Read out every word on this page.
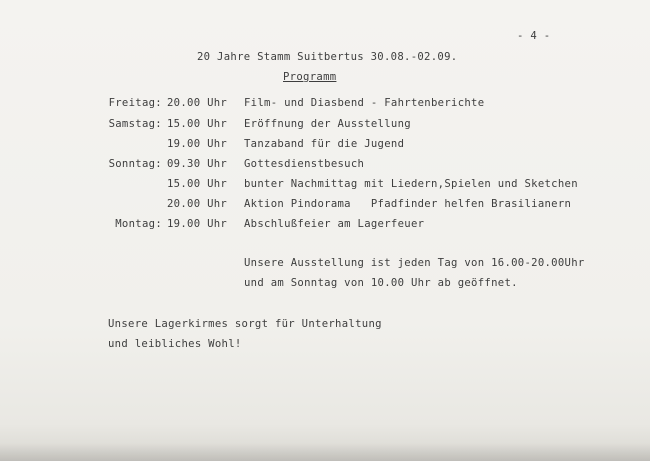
- 4 -
20 Jahre Stamm Suitbertus 30.08.-02.09.
Programm
Freitag: 20.00 Uhr Film- und Diasbend - Fahrtenberichte
Samstag: 15.00 Uhr Eröffnung der Ausstellung
19.00 Uhr Tanzaband für die Jugend
Sonntag: 09.30 Uhr Gottesdienstbesuch
15.00 Uhr bunter Nachmittag mit Liedern,Spielen und Sketchen
20.00 Uhr Aktion Pindorama   Pfadfinder helfen Brasilianern
Montag: 19.00 Uhr Abschlußfeier am Lagerfeuer
Unsere Ausstellung ist jeden Tag von 16.00-20.00Uhr
und am Sonntag von 10.00 Uhr ab geöffnet.
Unsere Lagerkirmes sorgt für Unterhaltung
und leibliches Wohl!
